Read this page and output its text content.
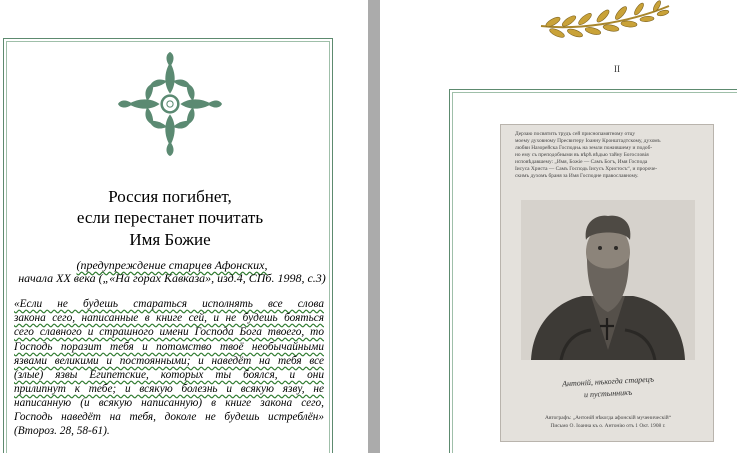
Россия погибнет,
если перестанет почитать
Имя Божие
(предупреждение старцев Афонских,
начала XX века („«На горах Кавказа», изд.4, СПб. 1998, с.3)
«Если не будешь стараться исполнять все слова
закона сего, написанные в книге сей, и не будешь бояться
сего славного и страшного имени Господа Бога твоего, то
Господь поразит тебя и потомство твоё необычайными
язвами великими и постоянными; и наведёт на тебя все
(злые) язвы Египетские, которых ты боялся, и они
прилипнут к тебе; и всякую болезнь и всякую язву, не
написанную (и всякую написанную) в книге закона сего,
Господь наведёт на тебя, доколе не будешь истреблён»
(Второз. 28, 58-61).
II
Дерзаю посвятить трудъ сей приснопамятному отцу
моему духовному Пресвитеру Іоанну Кронштадтскому, духомъ
любви Назорейска Господнѧ на земли пожившему и подоб-
но ему съ преподобными въ вѣрѣ вѣдью тайну Богословія
исповѣдавшему: „Имя, Божіе — Самъ Богъ, Имя Господа
Іисуса Христа — Самъ Господь Іисусъ Христосъ“, и пророче-
скимъ духомъ браня за Имя Господне православному.
Антоній, нѣкогда старецъ
и пустынникъ
Автографъ: „Антоній нѣкогда афонскій мученическій“
Письмо О. Іоанна къ о. Антонію отъ 1 Окт. 1908 г.
